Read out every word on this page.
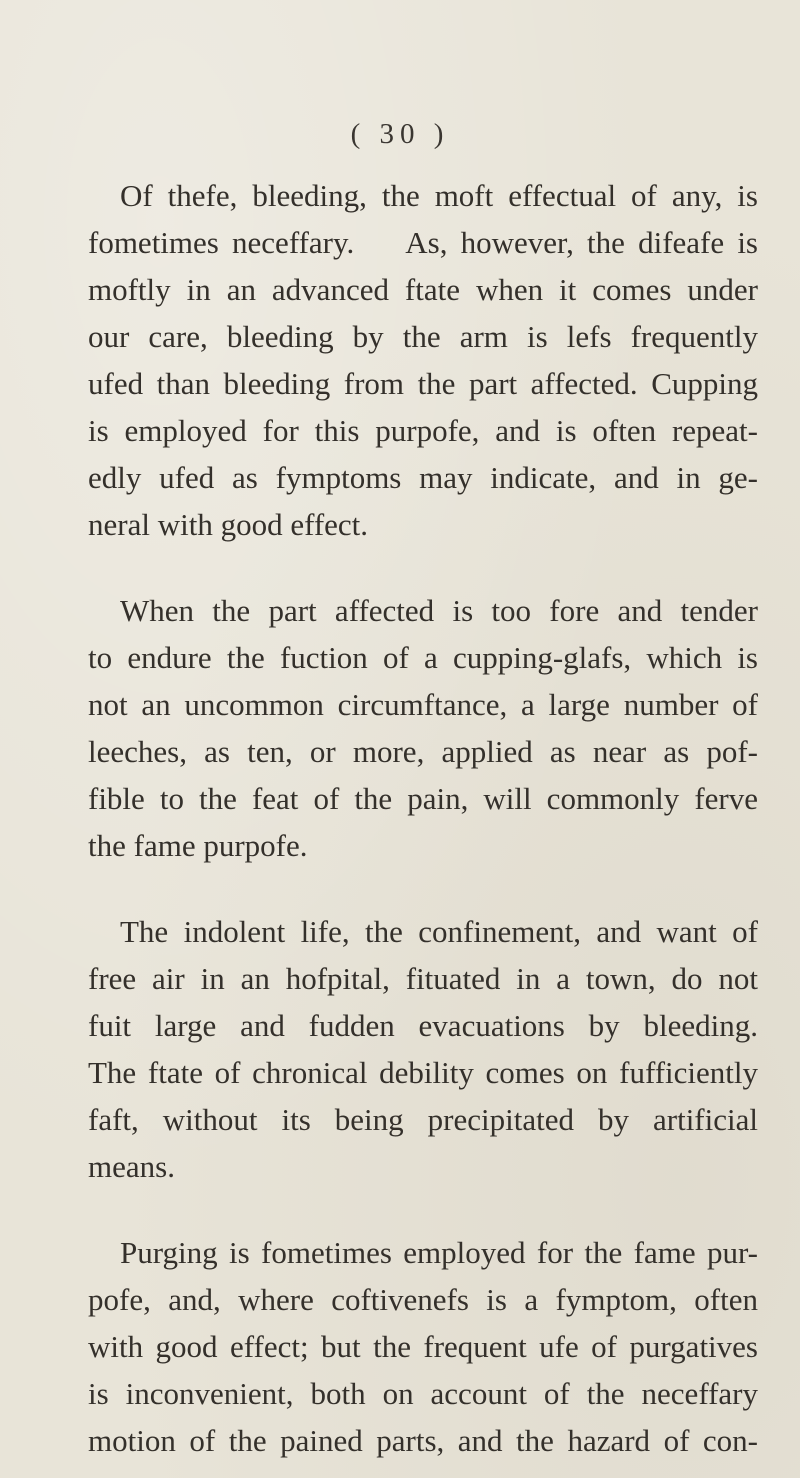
( 30 )
Of thefe, bleeding, the moft effectual of any, is
fometimes neceffary.    As, however, the difeafe is
moftly in an advanced ftate when it comes under
our care, bleeding by the arm is lefs frequently
ufed than bleeding from the part affected. Cupping
is employed for this purpofe, and is often repeat-
edly ufed as fymptoms may indicate, and in ge-
neral with good effect.
When the part affected is too fore and tender
to endure the fuction of a cupping-glafs, which is
not an uncommon circumftance, a large number of
leeches, as ten, or more, applied as near as pof-
fible to the feat of the pain, will commonly ferve
the fame purpofe.
The indolent life, the confinement, and want of
free air in an hofpital, fituated in a town, do not
fuit large and fudden evacuations by bleeding.
The ftate of chronical debility comes on fufficiently
faft, without its being precipitated by artificial
means.
Purging is fometimes employed for the fame pur-
pofe, and, where coftivenefs is a fymptom, often
with good effect; but the frequent ufe of purgatives
is inconvenient, both on account of the neceffary
motion of the pained parts, and the hazard of con-
